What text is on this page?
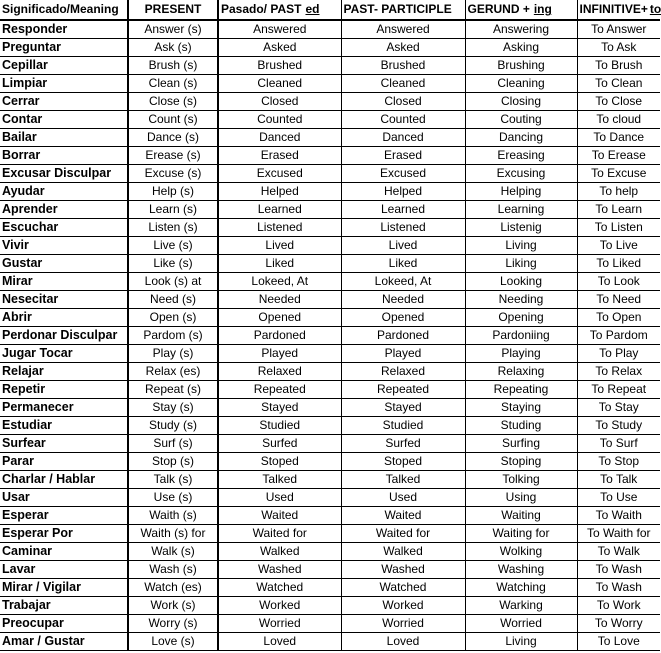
Significado/Meaning	PRESENT	Pasado/ PAST ed	PAST- PARTICIPLE	GERUND + ing	INFINITIVE+ to
Responder	Answer (s)	Answered	Answered	Answering	To Answer
Preguntar	Ask (s)	Asked	Asked	Asking	To Ask
Cepillar	Brush (s)	Brushed	Brushed	Brushing	To Brush
Limpiar	Clean (s)	Cleaned	Cleaned	Cleaning	To Clean
Cerrar	Close (s)	Closed	Closed	Closing	To Close
Contar	Count (s)	Counted	Counted	Couting	To cloud
Bailar	Dance (s)	Danced	Danced	Dancing	To Dance
Borrar	Erease (s)	Erased	Erased	Ereasing	To Erease
Excusar Disculpar	Excuse (s)	Excused	Excused	Excusing	To Excuse
Ayudar	Help (s)	Helped	Helped	Helping	To help
Aprender	Learn (s)	Learned	Learned	Learning	To Learn
Escuchar	Listen (s)	Listened	Listened	Listenig	To Listen
Vivir	Live (s)	Lived	Lived	Living	To Live
Gustar	Like (s)	Liked	Liked	Liking	To Liked
Mirar	Look (s) at	Lokeed, At	Lokeed, At	Looking	To Look
Nesecitar	Need (s)	Needed	Needed	Needing	To Need
Abrir	Open (s)	Opened	Opened	Opening	To Open
Perdonar Disculpar	Pardom (s)	Pardoned	Pardoned	Pardoniing	To Pardom
Jugar Tocar	Play (s)	Played	Played	Playing	To Play
Relajar	Relax (es)	Relaxed	Relaxed	Relaxing	To Relax
Repetir	Repeat (s)	Repeated	Repeated	Repeating	To Repeat
Permanecer	Stay (s)	Stayed	Stayed	Staying	To Stay
Estudiar	Study (s)	Studied	Studied	Studing	To Study
Surfear	Surf (s)	Surfed	Surfed	Surfing	To Surf
Parar	Stop (s)	Stoped	Stoped	Stoping	To Stop
Charlar / Hablar	Talk (s)	Talked	Talked	Tolking	To Talk
Usar	Use (s)	Used	Used	Using	To Use
Esperar	Waith (s)	Waited	Waited	Waiting	To Waith
Esperar Por	Waith (s) for	Waited for	Waited for	Waiting for	To Waith for
Caminar	Walk (s)	Walked	Walked	Wolking	To Walk
Lavar	Wash (s)	Washed	Washed	Washing	To Wash
Mirar / Vigilar	Watch (es)	Watched	Watched	Watching	To Wash
Trabajar	Work (s)	Worked	Worked	Warking	To Work
Preocupar	Worry (s)	Worried	Worried	Worried	To Worry
Amar / Gustar	Love (s)	Loved	Loved	Living	To Love
